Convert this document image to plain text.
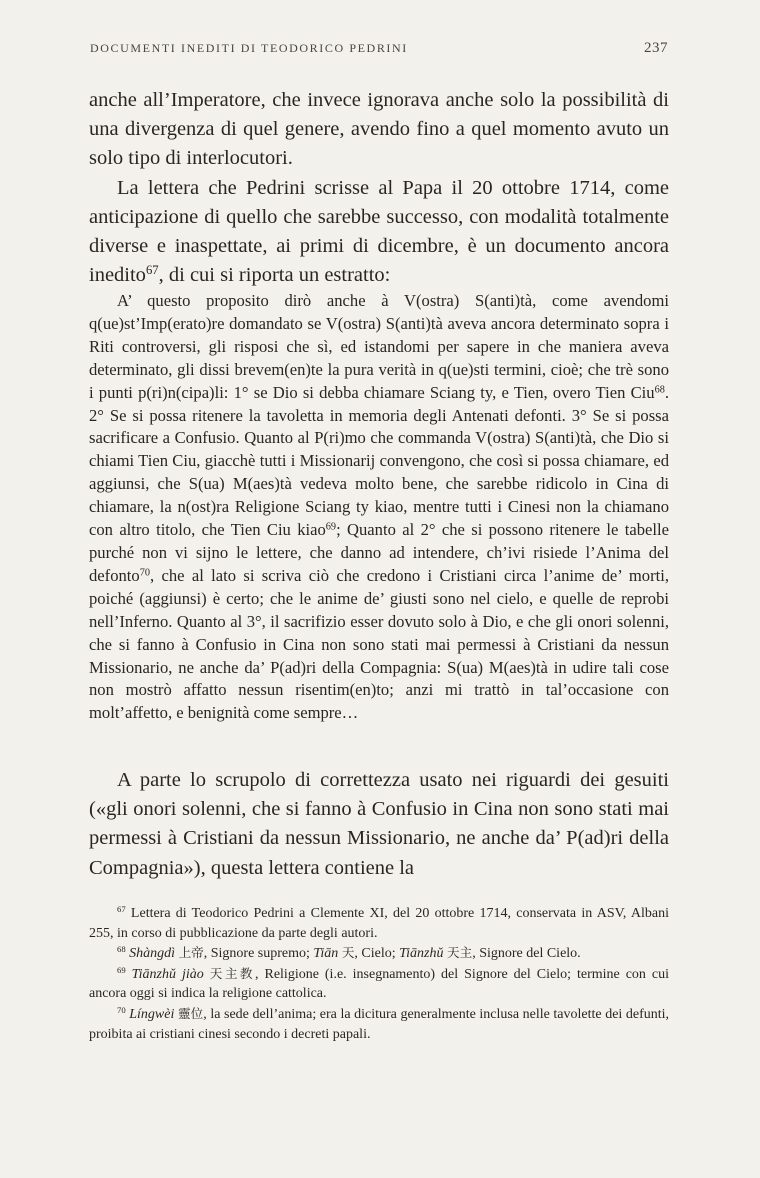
DOCUMENTI INEDITI DI TEODORICO PEDRINI	237

anche all’Imperatore, che invece ignorava anche solo la possibilità di una divergenza di quel genere, avendo fino a quel momento avuto un solo tipo di interlocutori.

La lettera che Pedrini scrisse al Papa il 20 ottobre 1714, come anticipazione di quello che sarebbe successo, con modalità totalmente diverse e inaspettate, ai primi di dicembre, è un documento ancora inedito$^{67}$, di cui si riporta un estratto:

A’ questo proposito dirò anche à V(ostra) S(anti)tà, come avendomi q(ue)st’Imp(erato)re domandato se V(ostra) S(anti)tà aveva ancora determinato sopra i Riti controversi, gli risposi che sì, ed istandomi per sapere in che maniera aveva determinato, gli dissi brevem(en)te la pura verità in q(ue)sti termini, cioè; che trè sono i punti p(ri)n(cipa)li: 1° se Dio si debba chiamare Sciang ty, e Tien, overo Tien Ciu$^{68}$. 2° Se si possa ritenere la tavoletta in memoria degli Antenati defonti. 3° Se si possa sacrificare a Confusio. Quanto al P(ri)mo che commanda V(ostra) S(anti)tà, che Dio si chiami Tien Ciu, giacchè tutti i Missionarij convengono, che così si possa chiamare, ed aggiunsi, che S(ua) M(aes)tà vedeva molto bene, che sarebbe ridicolo in Cina di chiamare, la n(ost)ra Religione Sciang ty kiao, mentre tutti i Cinesi non la chiamano con altro titolo, che Tien Ciu kiao$^{69}$; Quanto al 2° che si possono ritenere le tabelle purché non vi sijno le lettere, che danno ad intendere, ch’ivi risiede l’Anima del defonto$^{70}$, che al lato si scriva ciò che credono i Cristiani circa l’anime de’ morti, poiché (aggiunsi) è certo; che le anime de’ giusti sono nel cielo, e quelle de reprobi nell’Inferno. Quanto al 3°, il sacrifizio esser dovuto solo à Dio, e che gli onori solenni, che si fanno à Confusio in Cina non sono stati mai permessi à Cristiani da nessun Missionario, ne anche da’ P(ad)ri della Compagnia: S(ua) M(aes)tà in udire tali cose non mostrò affatto nessun risentim(en)to; anzi mi trattò in tal’occasione con molt’affetto, e benignità come sempre…

A parte lo scrupolo di correttezza usato nei riguardi dei gesuiti («gli onori solenni, che si fanno à Confusio in Cina non sono stati mai permessi à Cristiani da nessun Missionario, ne anche da’ P(ad)ri della Compagnia»), questa lettera contiene la

$^{67}$ Lettera di Teodorico Pedrini a Clemente XI, del 20 ottobre 1714, conservata in ASV, Albani 255, in corso di pubblicazione da parte degli autori.

$^{68}$ Shàngdì 上帝, Signore supremo; Tiān 天, Cielo; Tiānzhǔ 天主, Signore del Cielo.

$^{69}$ Tiānzhǔ jiào 天主教, Religione (i.e. insegnamento) del Signore del Cielo; termine con cui ancora oggi si indica la religione cattolica.

$^{70}$ Língwèi 靈位, la sede dell’anima; era la dicitura generalmente inclusa nelle tavolette dei defunti, proibita ai cristiani cinesi secondo i decreti papali.
